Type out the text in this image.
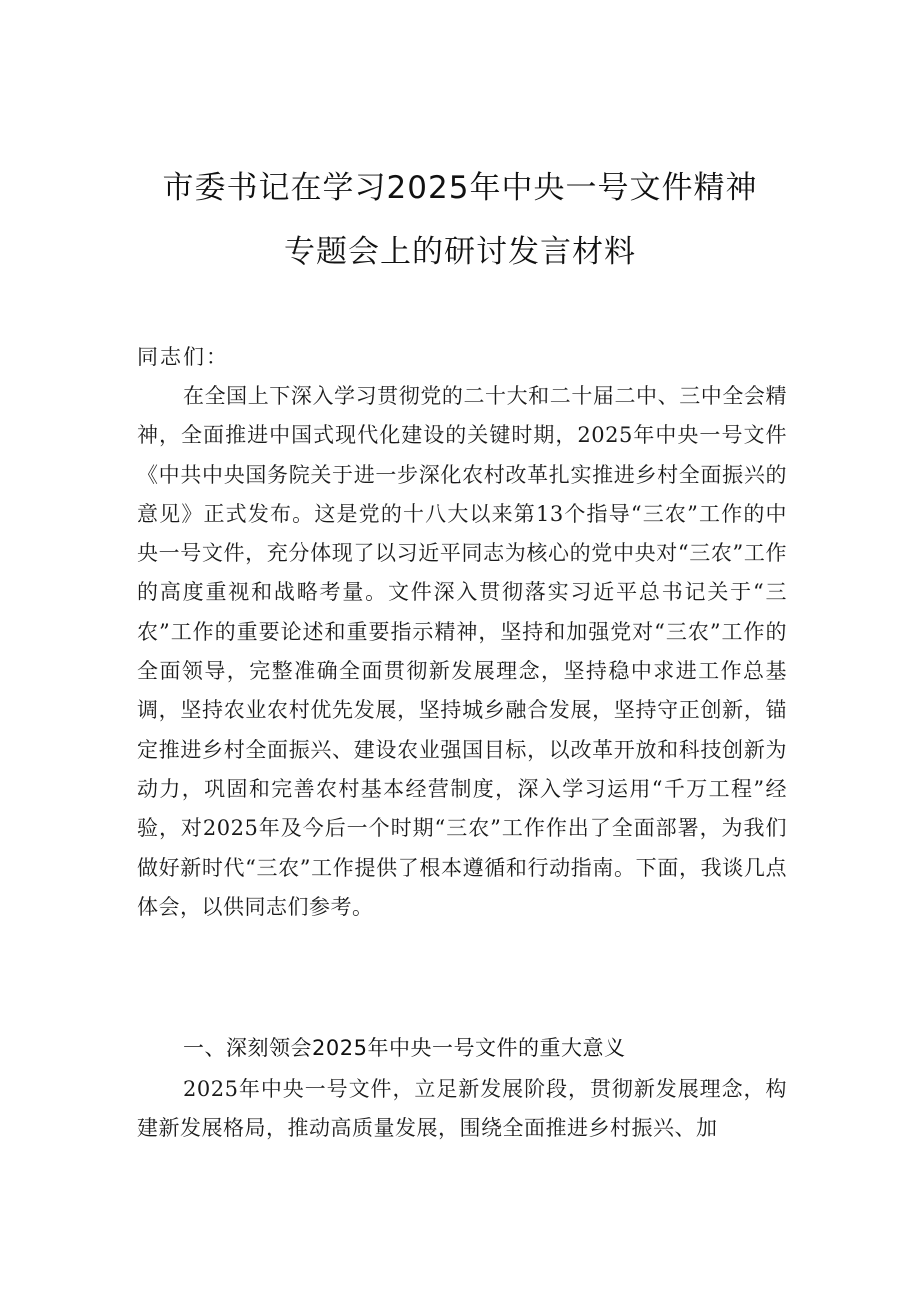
市委书记在学习2025年中央一号文件精神
专题会上的研讨发言材料
同志们：
在全国上下深入学习贯彻党的二十大和二十届二中、三中全会精神，全面推进中国式现代化建设的关键时期，2025年中央一号文件《中共中央国务院关于进一步深化农村改革扎实推进乡村全面振兴的意见》正式发布。这是党的十八大以来第13个指导“三农”工作的中央一号文件，充分体现了以习近平同志为核心的党中央对“三农”工作的高度重视和战略考量。文件深入贯彻落实习近平总书记关于“三农”工作的重要论述和重要指示精神，坚持和加强党对“三农”工作的全面领导，完整准确全面贯彻新发展理念，坚持稳中求进工作总基调，坚持农业农村优先发展，坚持城乡融合发展，坚持守正创新，锚定推进乡村全面振兴、建设农业强国目标，以改革开放和科技创新为动力，巩固和完善农村基本经营制度，深入学习运用“千万工程”经验，对2025年及今后一个时期“三农”工作作出了全面部署，为我们做好新时代“三农”工作提供了根本遵循和行动指南。下面，我谈几点体会，以供同志们参考。
一、深刻领会2025年中央一号文件的重大意义
2025年中央一号文件，立足新发展阶段，贯彻新发展理念，构建新发展格局，推动高质量发展，围绕全面推进乡村振兴、加
